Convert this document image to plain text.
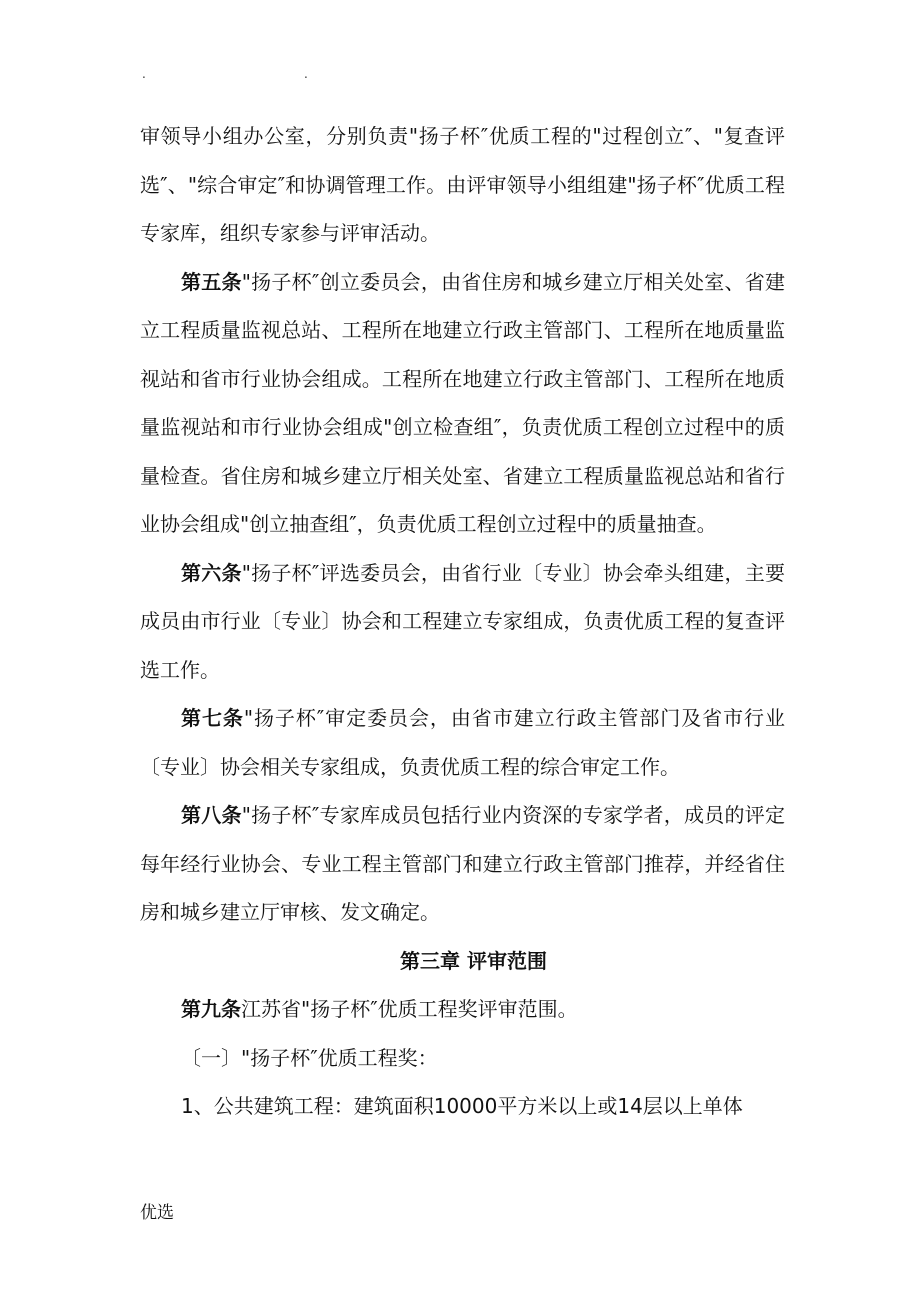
.	.

审领导小组办公室，分别负责"扬子杯″优质工程的"过程创立″、"复查评选″、"综合审定″和协调管理工作。由评审领导小组组建"扬子杯″优质工程专家库，组织专家参与评审活动。

第五条"扬子杯″创立委员会，由省住房和城乡建立厅相关处室、省建立工程质量监视总站、工程所在地建立行政主管部门、工程所在地质量监视站和省市行业协会组成。工程所在地建立行政主管部门、工程所在地质量监视站和市行业协会组成"创立检查组″，负责优质工程创立过程中的质量检查。省住房和城乡建立厅相关处室、省建立工程质量监视总站和省行业协会组成"创立抽查组″，负责优质工程创立过程中的质量抽查。

第六条"扬子杯″评选委员会，由省行业〔专业〕协会牵头组建，主要成员由市行业〔专业〕协会和工程建立专家组成，负责优质工程的复查评选工作。

第七条"扬子杯″审定委员会，由省市建立行政主管部门及省市行业〔专业〕协会相关专家组成，负责优质工程的综合审定工作。

第八条"扬子杯″专家库成员包括行业内资深的专家学者，成员的评定每年经行业协会、专业工程主管部门和建立行政主管部门推荐，并经省住房和城乡建立厅审核、发文确定。

第三章 评审范围

第九条江苏省"扬子杯″优质工程奖评审范围。

〔一〕"扬子杯″优质工程奖：

1、公共建筑工程：建筑面积10000平方米以上或14层以上单体

优选
